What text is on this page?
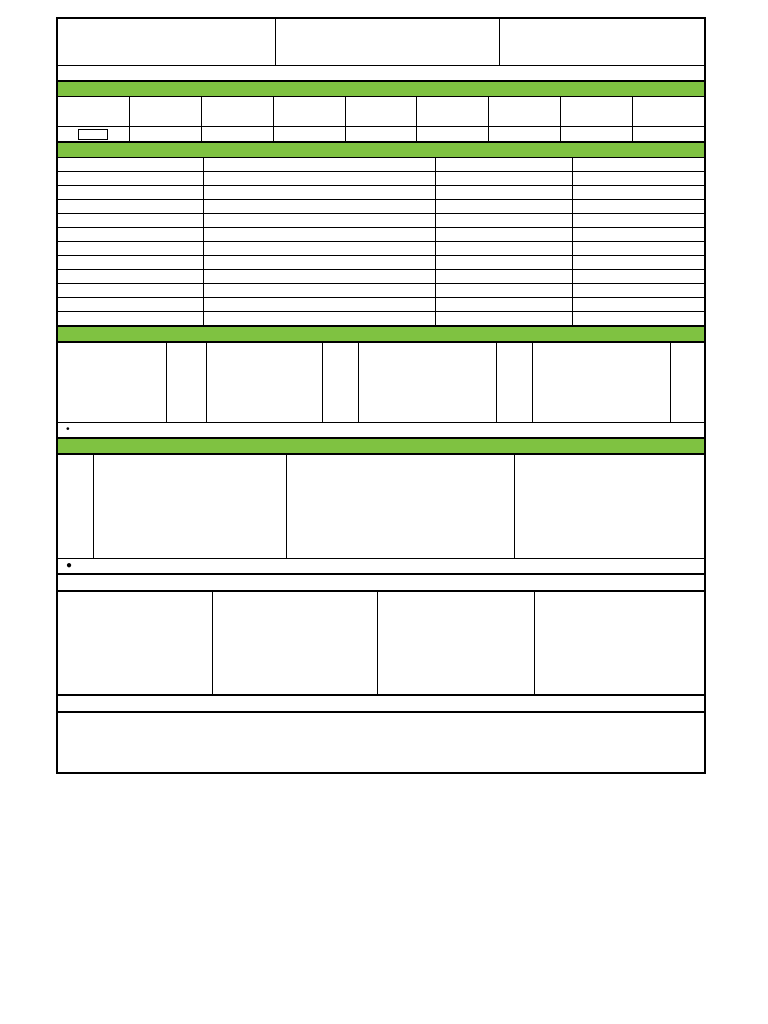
•							

●			
